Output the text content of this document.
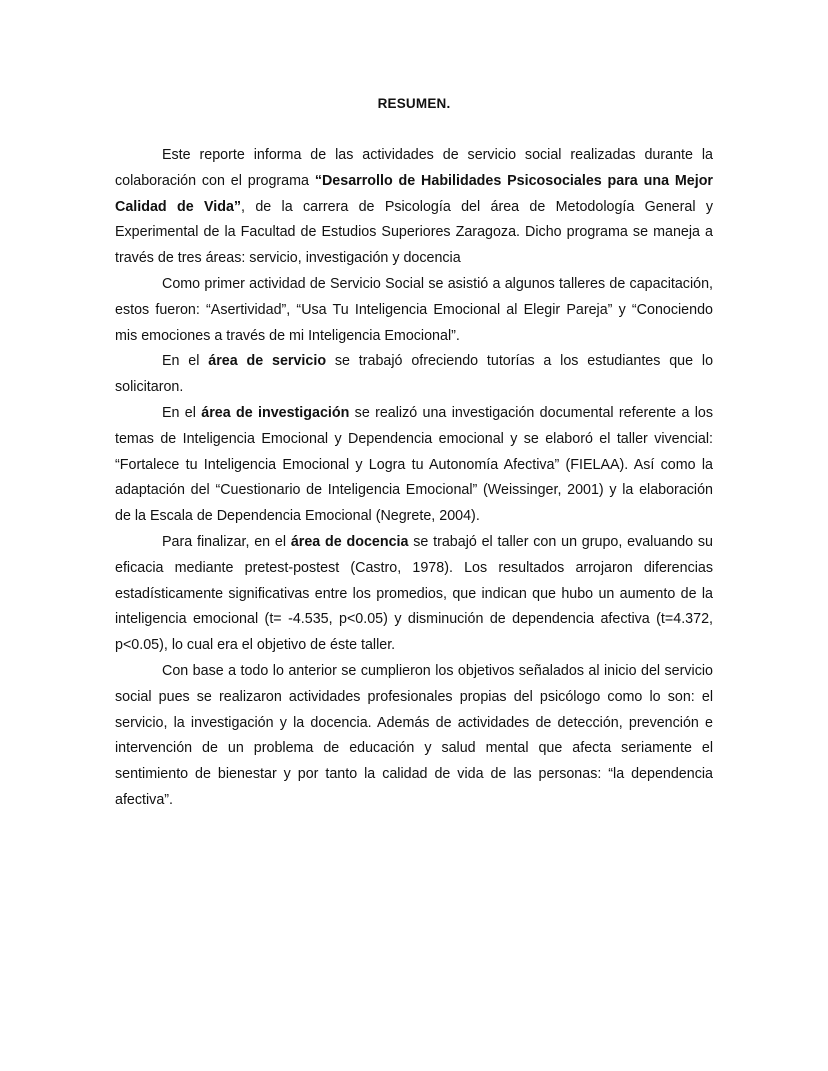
RESUMEN.

Este reporte informa de las actividades de servicio social realizadas durante la colaboración con el programa “Desarrollo de Habilidades Psicosociales para una Mejor Calidad de Vida”, de la carrera de Psicología del área de Metodología General y Experimental de la Facultad de Estudios Superiores Zaragoza. Dicho programa se maneja a través de tres áreas: servicio, investigación y docencia

Como primer actividad de Servicio Social se asistió a algunos talleres de capacitación, estos fueron: “Asertividad”, “Usa Tu Inteligencia Emocional al Elegir Pareja” y “Conociendo mis emociones a través de mi Inteligencia Emocional”.

En el área de servicio se trabajó ofreciendo tutorías a los estudiantes que lo solicitaron.

En el área de investigación se realizó una investigación documental referente a los temas de Inteligencia Emocional y Dependencia emocional y se elaboró el taller vivencial: “Fortalece tu Inteligencia Emocional y Logra tu Autonomía Afectiva” (FIELAA). Así como la adaptación del “Cuestionario de Inteligencia Emocional” (Weissinger, 2001) y la elaboración de la Escala de Dependencia Emocional (Negrete, 2004).

Para finalizar, en el área de docencia se trabajó el taller con un grupo, evaluando su eficacia mediante pretest-postest (Castro, 1978). Los resultados arrojaron diferencias estadísticamente significativas entre los promedios, que indican que hubo un aumento de la inteligencia emocional (t= -4.535, p<0.05) y disminución de dependencia afectiva (t=4.372, p<0.05), lo cual era el objetivo de éste taller.

Con base a todo lo anterior se cumplieron los objetivos señalados al inicio del servicio social pues se realizaron actividades profesionales propias del psicólogo como lo son: el servicio, la investigación y la docencia. Además de actividades de detección, prevención e intervención de un problema de educación y salud mental que afecta seriamente el sentimiento de bienestar y por tanto la calidad de vida de las personas: “la dependencia afectiva”.
